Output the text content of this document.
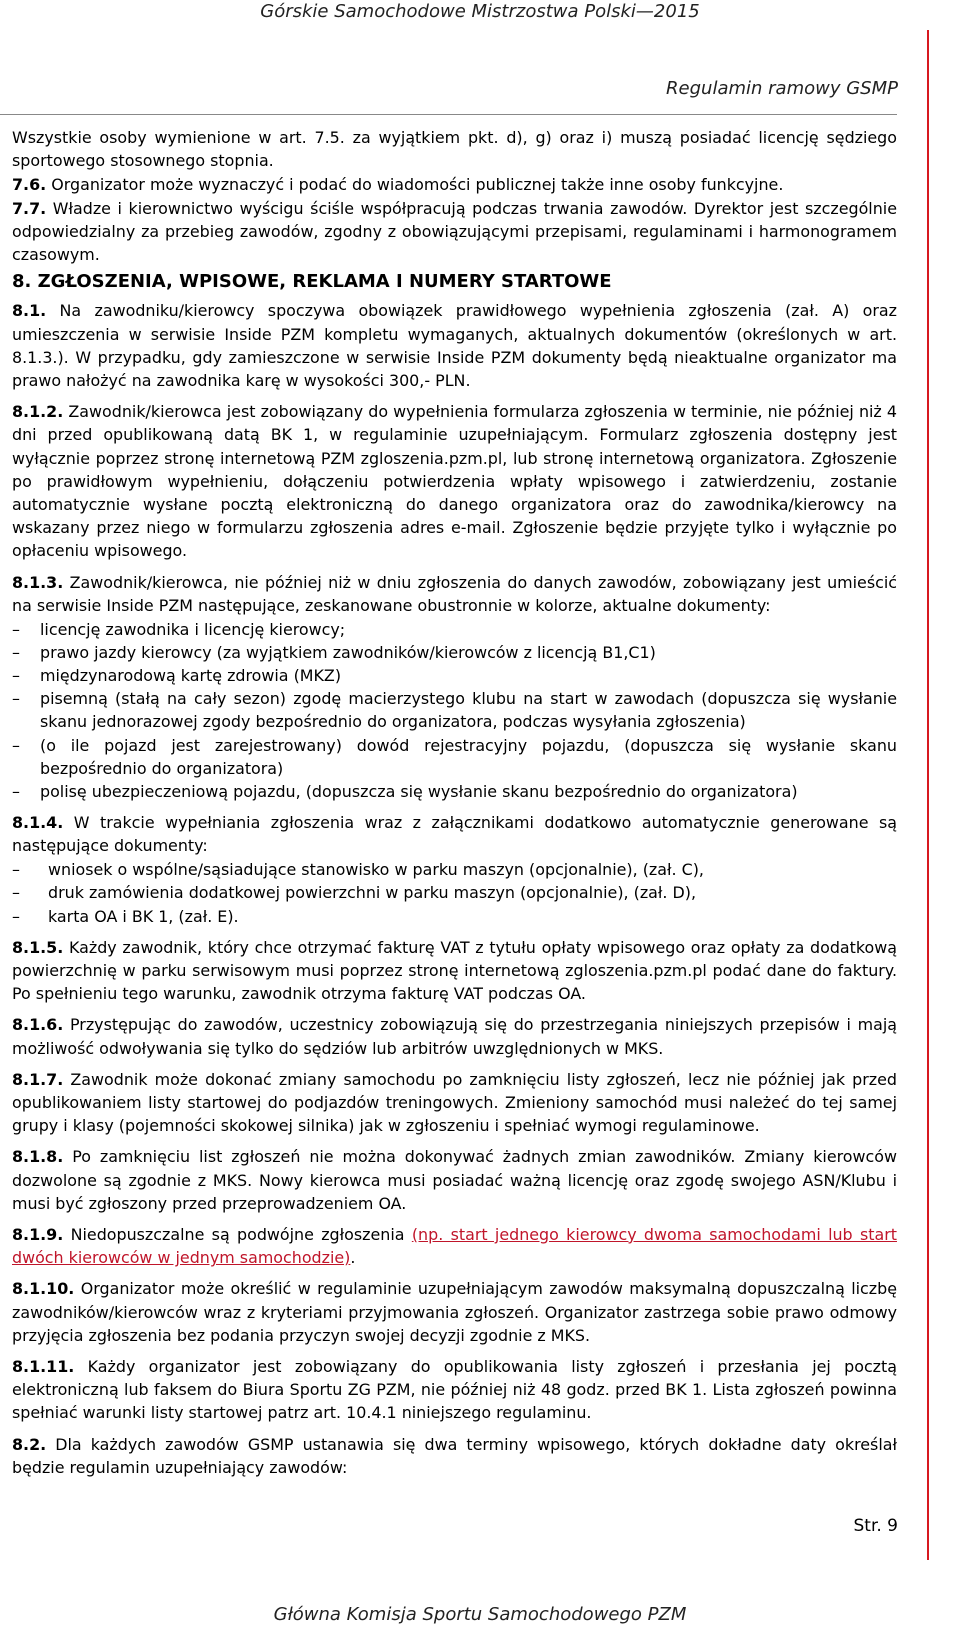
Górskie Samochodowe Mistrzostwa Polski—2015
Regulamin ramowy GSMP

Wszystkie osoby wymienione w art. 7.5. za wyjątkiem pkt. d), g) oraz i) muszą posiadać licencję sędziego sportowego stosownego stopnia.

7.6. Organizator może wyznaczyć i podać do wiadomości publicznej także inne osoby funkcyjne.

7.7. Władze i kierownictwo wyścigu ściśle współpracują podczas trwania zawodów. Dyrektor jest szczególnie odpowiedzialny za przebieg zawodów, zgodny z obowiązującymi przepisami, regulaminami i harmonogramem czasowym.

8. ZGŁOSZENIA, WPISOWE, REKLAMA I NUMERY STARTOWE

8.1. Na zawodniku/kierowcy spoczywa obowiązek prawidłowego wypełnienia zgłoszenia (zał. A) oraz umieszczenia w serwisie Inside PZM kompletu wymaganych, aktualnych dokumentów (określonych w art. 8.1.3.). W przypadku, gdy zamieszczone w serwisie Inside PZM dokumenty będą nieaktualne organizator ma prawo nałożyć na zawodnika karę w wysokości 300,- PLN.

8.1.2. Zawodnik/kierowca jest zobowiązany do wypełnienia formularza zgłoszenia w terminie, nie później niż 4 dni przed opublikowaną datą BK 1, w regulaminie uzupełniającym. Formularz zgłoszenia dostępny jest wyłącznie poprzez stronę internetową PZM zgloszenia.pzm.pl, lub stronę internetową organizatora. Zgłoszenie po prawidłowym wypełnieniu, dołączeniu potwierdzenia wpłaty wpisowego i zatwierdzeniu, zostanie automatycznie wysłane pocztą elektroniczną do danego organizatora oraz do zawodnika/kierowcy na wskazany przez niego w formularzu zgłoszenia adres e-mail. Zgłoszenie będzie przyjęte tylko i wyłącznie po opłaceniu wpisowego.

8.1.3. Zawodnik/kierowca, nie później niż w dniu zgłoszenia do danych zawodów, zobowiązany jest umieścić na serwisie Inside PZM następujące, zeskanowane obustronnie w kolorze, aktualne dokumenty:

– licencję zawodnika i licencję kierowcy;
– prawo jazdy kierowcy (za wyjątkiem zawodników/kierowców z licencją B1,C1)
– międzynarodową kartę zdrowia (MKZ)
– pisemną (stałą na cały sezon) zgodę macierzystego klubu na start w zawodach (dopuszcza się wysłanie skanu jednorazowej zgody bezpośrednio do organizatora, podczas wysyłania zgłoszenia)
– (o ile pojazd jest zarejestrowany) dowód rejestracyjny pojazdu, (dopuszcza się wysłanie skanu bezpośrednio do organizatora)
– polisę ubezpieczeniową pojazdu, (dopuszcza się wysłanie skanu bezpośrednio do organizatora)

8.1.4. W trakcie wypełniania zgłoszenia wraz z załącznikami dodatkowo automatycznie generowane są następujące dokumenty:

– wniosek o wspólne/sąsiadujące stanowisko w parku maszyn (opcjonalnie), (zał. C),
– druk zamówienia dodatkowej powierzchni w parku maszyn (opcjonalnie), (zał. D),
– karta OA i BK 1, (zał. E).

8.1.5. Każdy zawodnik, który chce otrzymać fakturę VAT z tytułu opłaty wpisowego oraz opłaty za dodatkową powierzchnię w parku serwisowym musi poprzez stronę internetową zgloszenia.pzm.pl podać dane do faktury. Po spełnieniu tego warunku, zawodnik otrzyma fakturę VAT podczas OA.

8.1.6. Przystępując do zawodów, uczestnicy zobowiązują się do przestrzegania niniejszych przepisów i mają możliwość odwoływania się tylko do sędziów lub arbitrów uwzględnionych w MKS.

8.1.7. Zawodnik może dokonać zmiany samochodu po zamknięciu listy zgłoszeń, lecz nie później jak przed opublikowaniem listy startowej do podjazdów treningowych. Zmieniony samochód musi należeć do tej samej grupy i klasy (pojemności skokowej silnika) jak w zgłoszeniu i spełniać wymogi regulaminowe.

8.1.8. Po zamknięciu list zgłoszeń nie można dokonywać żadnych zmian zawodników. Zmiany kierowców dozwolone są zgodnie z MKS. Nowy kierowca musi posiadać ważną licencję oraz zgodę swojego ASN/Klubu i musi być zgłoszony przed przeprowadzeniem OA.

8.1.9. Niedopuszczalne są podwójne zgłoszenia (np. start jednego kierowcy dwoma samochodami lub start dwóch kierowców w jednym samochodzie).

8.1.10. Organizator może określić w regulaminie uzupełniającym zawodów maksymalną dopuszczalną liczbę zawodników/kierowców wraz z kryteriami przyjmowania zgłoszeń. Organizator zastrzega sobie prawo odmowy przyjęcia zgłoszenia bez podania przyczyn swojej decyzji zgodnie z MKS.

8.1.11. Każdy organizator jest zobowiązany do opublikowania listy zgłoszeń i przesłania jej pocztą elektroniczną lub faksem do Biura Sportu ZG PZM, nie później niż 48 godz. przed BK 1. Lista zgłoszeń powinna spełniać warunki listy startowej patrz art. 10.4.1 niniejszego regulaminu.

8.2. Dla każdych zawodów GSMP ustanawia się dwa terminy wpisowego, których dokładne daty określał będzie regulamin uzupełniający zawodów:

Str. 9
Główna Komisja Sportu Samochodowego PZM
